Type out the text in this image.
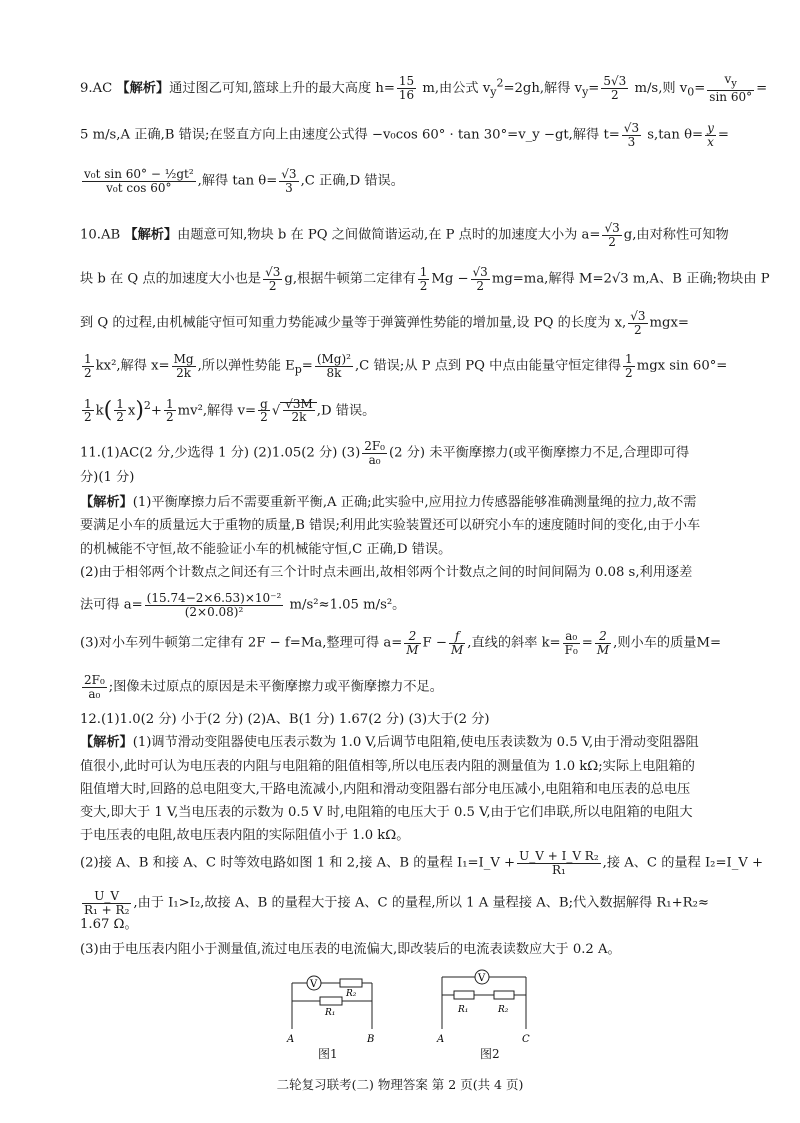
9.AC 【解析】通过图乙可知,篮球上升的最大高度 $h= \frac{15}{16} m$,由公式 $v_y^2=2gh$,解得 $v_y= \frac{5√3}{2} m/s$,则 $v_0= \frac{v_y}{\sin 60^\circ}$ =
5 m/s,A 正确,B 错误;在竖直方向上由速度公式得 −v₀cos 60° · tan 30°=v_y −gt,解得 $t= \frac{√3}{3} s,\tan$ $\theta= \frac{y}{x}$ =
$\frac{\text{v₀t sin 60° − ½gt²}}{\text{v₀t cos 60°}}$ ,解得 $\tan \theta= \frac{√3}{3} ,C$ 正确,D 错误。
10.AB 【解析】由题意可知,物块 b 在 PQ 之间做简谐运动,在 P 点时的加速度大小为 $a= \frac{√3}{2} g$,由对称性可知物
块 b 在 Q 点的加速度大小也是 $\frac{√3}{2} g$,根据牛顿第二定律有 $\frac{1}{2}$ $Mg - \frac{√3}{2} mg=ma$,解得 M=2√3 m,A、B 正确;物块由 P
到 Q 的过程,由机械能守恒可知重力势能减少量等于弹簧弹性势能的增加量,设 PQ 的长度为 x, $\frac{√3}{2} mgx=$
$\frac{1}{2} kx^2$,解得 $x= \frac{Mg}{2k}$ ,所以弹性势能 $E_p= \frac{\text{(Mg)²}}{8k} ,C$ 错误;从 P 点到 PQ 中点由能量守恒定律得 $\frac{1}{2}$ mgx sin 60°=
$\frac{1}{2} k( \frac{1}{2} x)^2+ \frac{1}{2} mv^2$,解得 $v= \frac{g}{2}$ √ $\frac{√3M}{2k} ,D$ 错误。
11.(1)AC(2 分,少选得 1 分) (2)1.05(2 分) $(3) \frac{\text{2F₀}}{\text{a₀}} (2$ 分) 未平衡摩擦力(或平衡摩擦力不足,合理即可得
分)(1 分)
【解析】(1)平衡摩擦力后不需要重新平衡,A 正确;此实验中,应用拉力传感器能够准确测量绳的拉力,故不需
要满足小车的质量远大于重物的质量,B 错误;利用此实验装置还可以研究小车的速度随时间的变化,由于小车
的机械能不守恒,故不能验证小车的机械能守恒,C 正确,D 错误。
(2)由于相邻两个计数点之间还有三个计时点未画出,故相邻两个计数点之间的时间间隔为 0.08 s,利用逐差
法可得 $a= \frac{\text{(15.74−2×6.53)×10⁻²}}{\text{(2×0.08)²}} m/s^2\approx 1.05$ m/s²。
(3)对小车列牛顿第二定律有 2F − f=Ma,整理可得 $a= \frac{2}{M}$ $F - \frac{f}{M}$ ,直线的斜率 $k= \frac{\text{a₀}}{\text{F₀}} = \frac{2}{M}$ ,则小车的质量M=
$\frac{\text{2F₀}}{\text{a₀}}$ ;图像未过原点的原因是未平衡摩擦力或平衡摩擦力不足。
12.(1)1.0(2 分) 小于(2 分) (2)A、B(1 分) 1.67(2 分) (3)大于(2 分)
【解析】(1)调节滑动变阻器使电压表示数为 1.0 V,后调节电阻箱,使电压表读数为 0.5 V,由于滑动变阻器阻
值很小,此时可认为电压表的内阻与电阻箱的阻值相等,所以电压表内阻的测量值为 1.0 kΩ;实际上电阻箱的
阻值增大时,回路的总电阻变大,干路电流减小,内阻和滑动变阻器右部分电压减小,电阻箱和电压表的总电压
变大,即大于 1 V,当电压表的示数为 0.5 V 时,电阻箱的电压大于 0.5 V,由于它们串联,所以电阻箱的电阻大
于电压表的电阻,故电压表内阻的实际阻值小于 1.0 kΩ。
(2)接 A、B 和接 A、C 时等效电路如图 1 和 2,接 A、B 的量程 I₁=I_V + $\frac{\text{U\_V + I\_V R₂}}{\text{R₁}}$ ,接 A、C 的量程 I₂=I_V +
$\frac{U\_V}{\text{R₁ + R₂}}$ ,由于 I₁>I₂,故接 A、B 的量程大于接 A、C 的量程,所以 1 A 量程接 A、B;代入数据解得 R₁+R₂≈
1.67 Ω。
(3)由于电压表内阻小于测量值,流过电压表的电流偏大,即改装后的电流表读数应大于 0.2 A。
V
R₂
R₁
A	B
图1
V
R₁	R₂
A	C
图2
二轮复习联考(二) 物理答案 第 2 页(共 4 页)
